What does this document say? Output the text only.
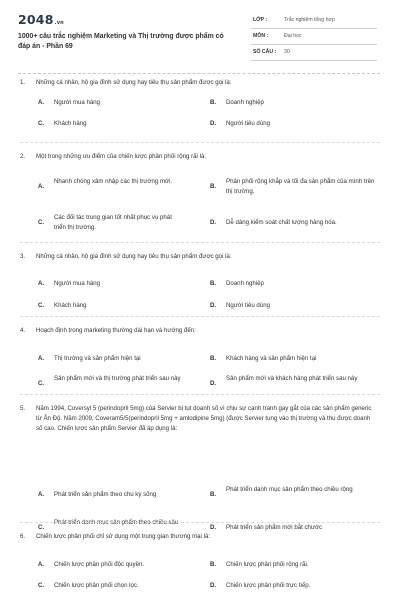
2048.vn
1000+ câu trắc nghiệm Marketing và Thị trường được phẩm có đáp án - Phần 69
LỚP :	Trắc nghiệm tổng hợp
MÔN :	Đại học
SỐ CÂU : 30
1. Những cá nhân, hộ gia đình sử dụng hay tiêu thụ sản phẩm được gọi là:
A. Người mua hàng	B. Doanh nghiệp
C. Khách hàng	D. Người tiêu dùng
2. Một trong những ưu điểm của chiến lược phân phối rộng rãi là:
A.
Nhanh chóng xâm nhập các thị trường mới.
B.
Phân phối rộng khắp và tối đa sản phẩm của mình trên thị trường.
C.
Các đối tác trung gian tốt nhất phục vụ phát triển thị trường.
D. Dễ dàng kiểm soát chất lượng hàng hóa.
3. Những cá nhân, hộ gia đình sử dụng hay tiêu thụ sản phẩm được gọi là:
A. Người mua hàng	B. Doanh nghiệp
C. Khách hàng	D. Người tiêu dùng
4. Hoạch định trong marketing thường dài hạn và hướng đến:
A. Thị trường và sản phẩm hiện tại	B. Khách hàng và sản phẩm hiện tại
C.
Sản phẩm mới và thị trường phát triển sau này
D.
Sản phẩm mới và khách hàng phát triển sau này
5. Năm 1994, Coversyl 5 (perindopril 5mg) của Servier bị tụt doanh số vì chịu sự cạnh tranh gay gắt của các sản phẩm generic từ Ấn Độ. Năm 2009, Coveram5/5(perindopril 5mg + amlodipine 5mg) (được Servier tung vào thị trường và thu được doanh số cao. Chiến lược sản phẩm Servier đã áp dụng là:
A. Phát triển sản phẩm theo chu kỳ sống	B.
Phát triển danh mục sản phẩm theo chiều rộng
C.
Phát triển danh mục sản phẩm theo chiều sâu
D. Phát triển sản phẩm mới bắt chước
6. Chiến lược phân phối chỉ sử dụng một trung gian thương mại là:
A. Chiến lược phân phối độc quyền.	B. Chiến lược phân phối rộng rãi.
C. Chiến lược phân phối chọn lọc.	D. Chiến lược phân phối trực tiếp.
